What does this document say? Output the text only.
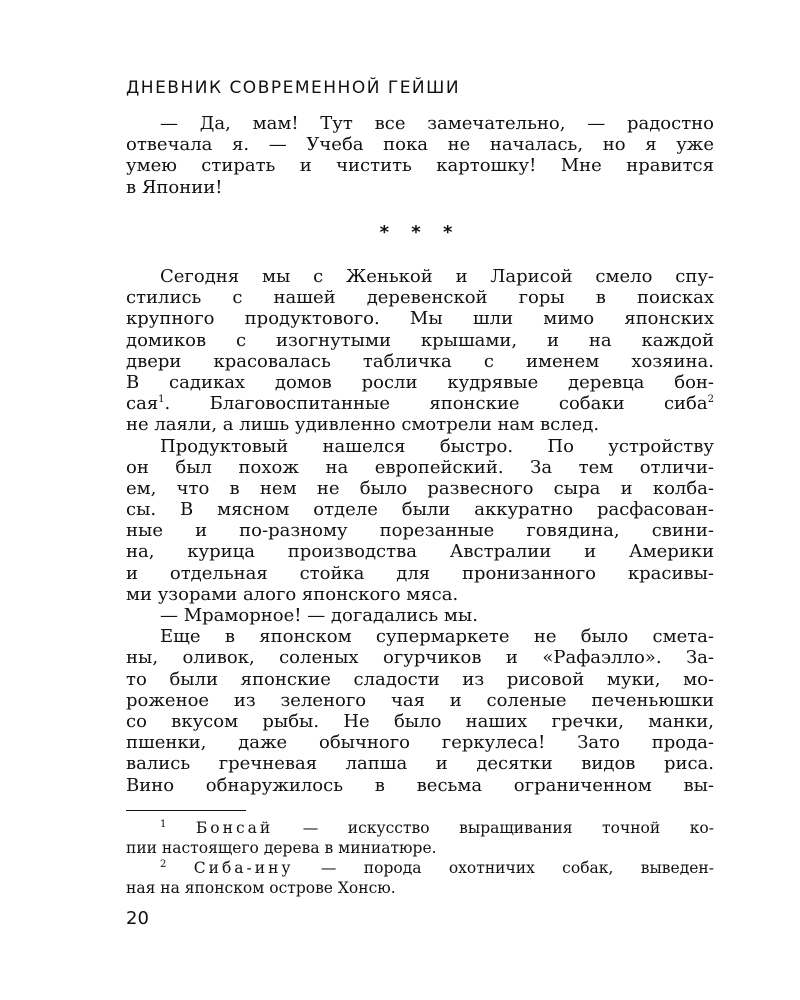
ДНЕВНИК СОВРЕМЕННОЙ ГЕЙШИ
— Да, мам! Тут все замечательно, — радостно
отвечала я. — Учеба пока не началась, но я уже
умею стирать и чистить картошку! Мне нравится
в Японии!
* * *
Сегодня мы с Женькой и Ларисой смело спу-
стились с нашей деревенской горы в поисках
крупного продуктового. Мы шли мимо японских
домиков с изогнутыми крышами, и на каждой
двери красовалась табличка с именем хозяина.
В садиках домов росли кудрявые деревца бон-
сая$^1$. Благовоспитанные японские собаки сиба$^2$
не лаяли, а лишь удивленно смотрели нам вслед.
Продуктовый нашелся быстро. По устройству
он был похож на европейский. За тем отличи-
ем, что в нем не было развесного сыра и колба-
сы. В мясном отделе были аккуратно расфасован-
ные и по-разному порезанные говядина, свини-
на, курица производства Австралии и Америки
и отдельная стойка для пронизанного красивы-
ми узорами алого японского мяса.
— Мраморное! — догадались мы.
Еще в японском супермаркете не было смета-
ны, оливок, соленых огурчиков и «Рафаэлло». За-
то были японские сладости из рисовой муки, мо-
роженое из зеленого чая и соленые печеньюшки
со вкусом рыбы. Не было наших гречки, манки,
пшенки, даже обычного геркулеса! Зато прода-
вались гречневая лапша и десятки видов риса.
Вино обнаружилось в весьма ограниченном вы-
$^1$ Бонсай — искусство выращивания точной ко-
пии настоящего дерева в миниатюре.
$^2$ Сиба-ину — порода охотничих собак, выведен-
ная на японском острове Хонсю.
20
